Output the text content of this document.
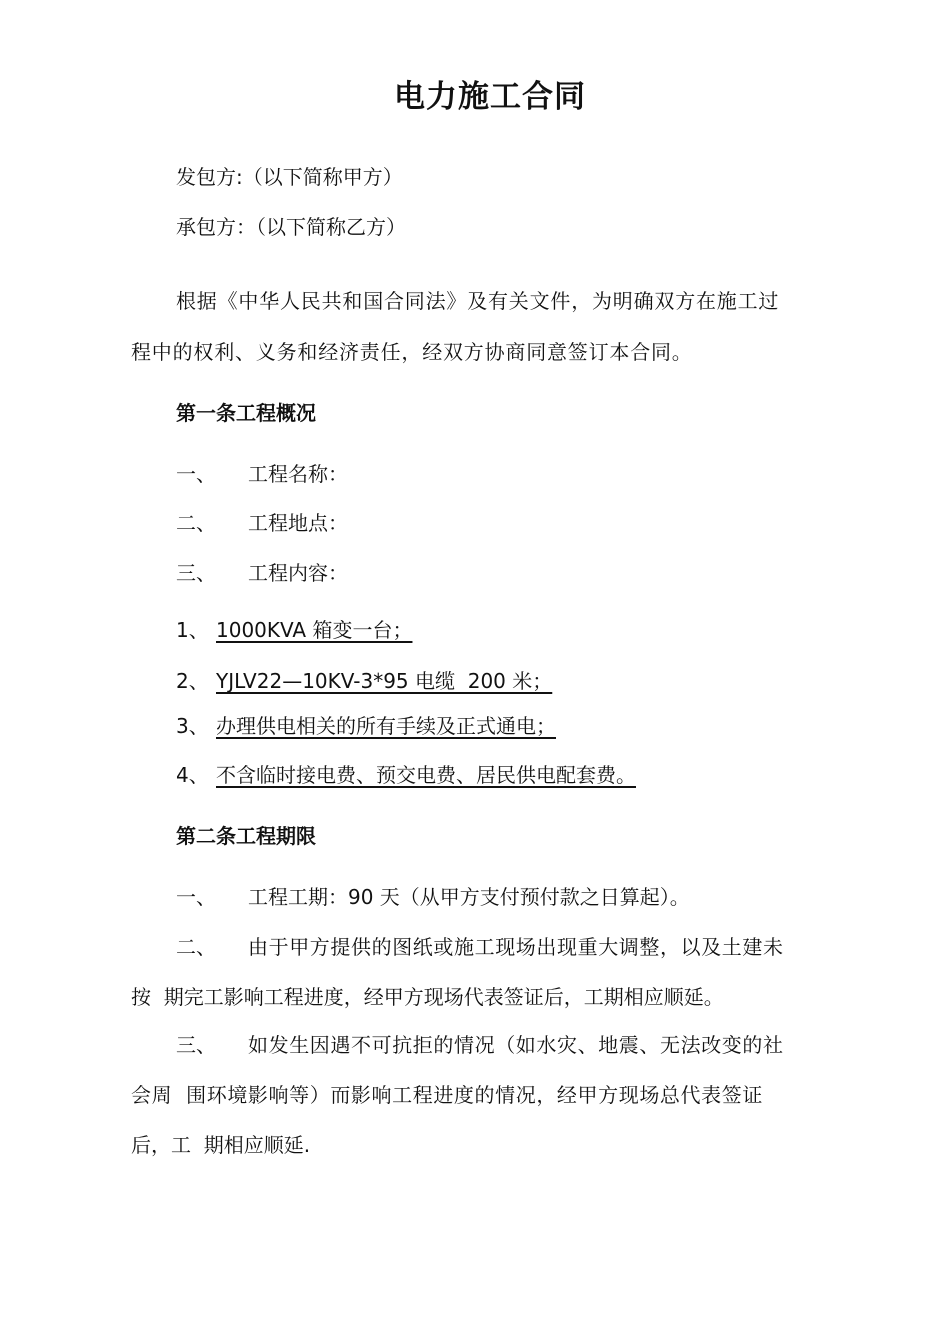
电力施工合同
发包方:（以下简称甲方）
承包方：（以下简称乙方）
根据《中华人民共和国合同法》及有关文件，为明确双方在施工过
程中的权利、义务和经济责任，经双方协商同意签订本合同。
第一条工程概况
一、 工程名称：
二、 工程地点：
三、 工程内容：
1、 1000KVA 箱变一台；
2、 YJLV22—10KV-3*95 电缆  200 米；
3、 办理供电相关的所有手续及正式通电；
4、 不含临时接电费、预交电费、居民供电配套费。
第二条工程期限
一、 工程工期：90 天（从甲方支付预付款之日算起）。
二、 由于甲方提供的图纸或施工现场出现重大调整，以及土建未
按  期完工影响工程进度，经甲方现场代表签证后，工期相应顺延。
三、 如发生因遇不可抗拒的情况（如水灾、地震、无法改变的社
会周  围环境影响等）而影响工程进度的情况，经甲方现场总代表签证
后，工  期相应顺延.
